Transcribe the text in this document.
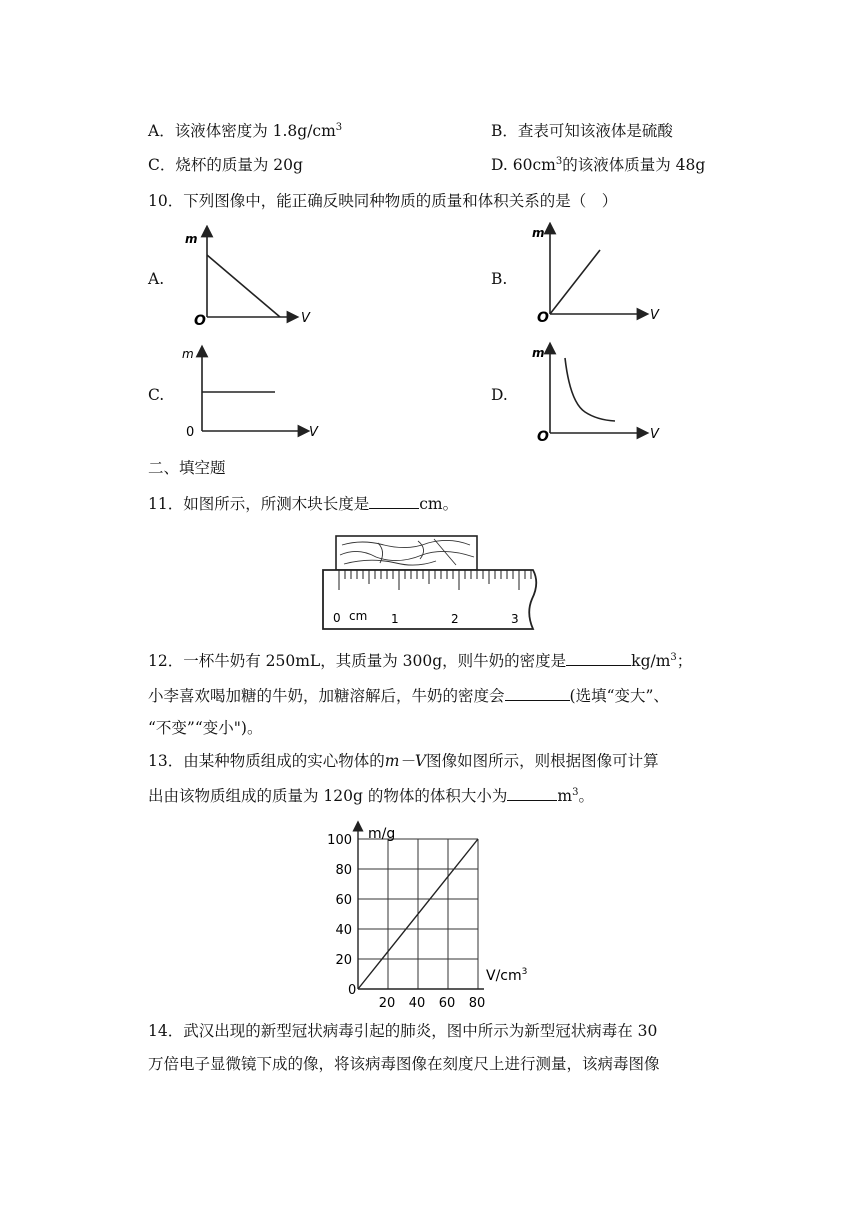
A．该液体密度为 $1.8g/cm^3$	B．查表可知该液体是硫酸
C．烧杯的质量为 20g	D. $60cm^3$的该液体质量为 48g
10．下列图像中，能正确反映同种物质的质量和体积关系的是（　）
A.	B.
C.	D.
m
O	V
m
O	V
m
0	V
m
O	V
二、填空题
11．如图所示，所测木块长度是	cm。
0 cm 1	2	3
12．一杯牛奶有 250mL，其质量为 300g，则牛奶的密度是	$kg/m^3$；
小李喜欢喝加糖的牛奶，加糖溶解后，牛奶的密度会	(选填“变大”、
“不变”“变小")。
13．由某种物质组成的实心物体的m－V图像如图所示，则根据图像可计算
出由该物质组成的质量为 120g 的物体的体积大小为	$m^3$。
100
80
60
40
20
20 40 60 80
m/g
$V/cm^3$
0
14．武汉出现的新型冠状病毒引起的肺炎，图中所示为新型冠状病毒在 30
万倍电子显微镜下成的像，将该病毒图像在刻度尺上进行测量，该病毒图像
